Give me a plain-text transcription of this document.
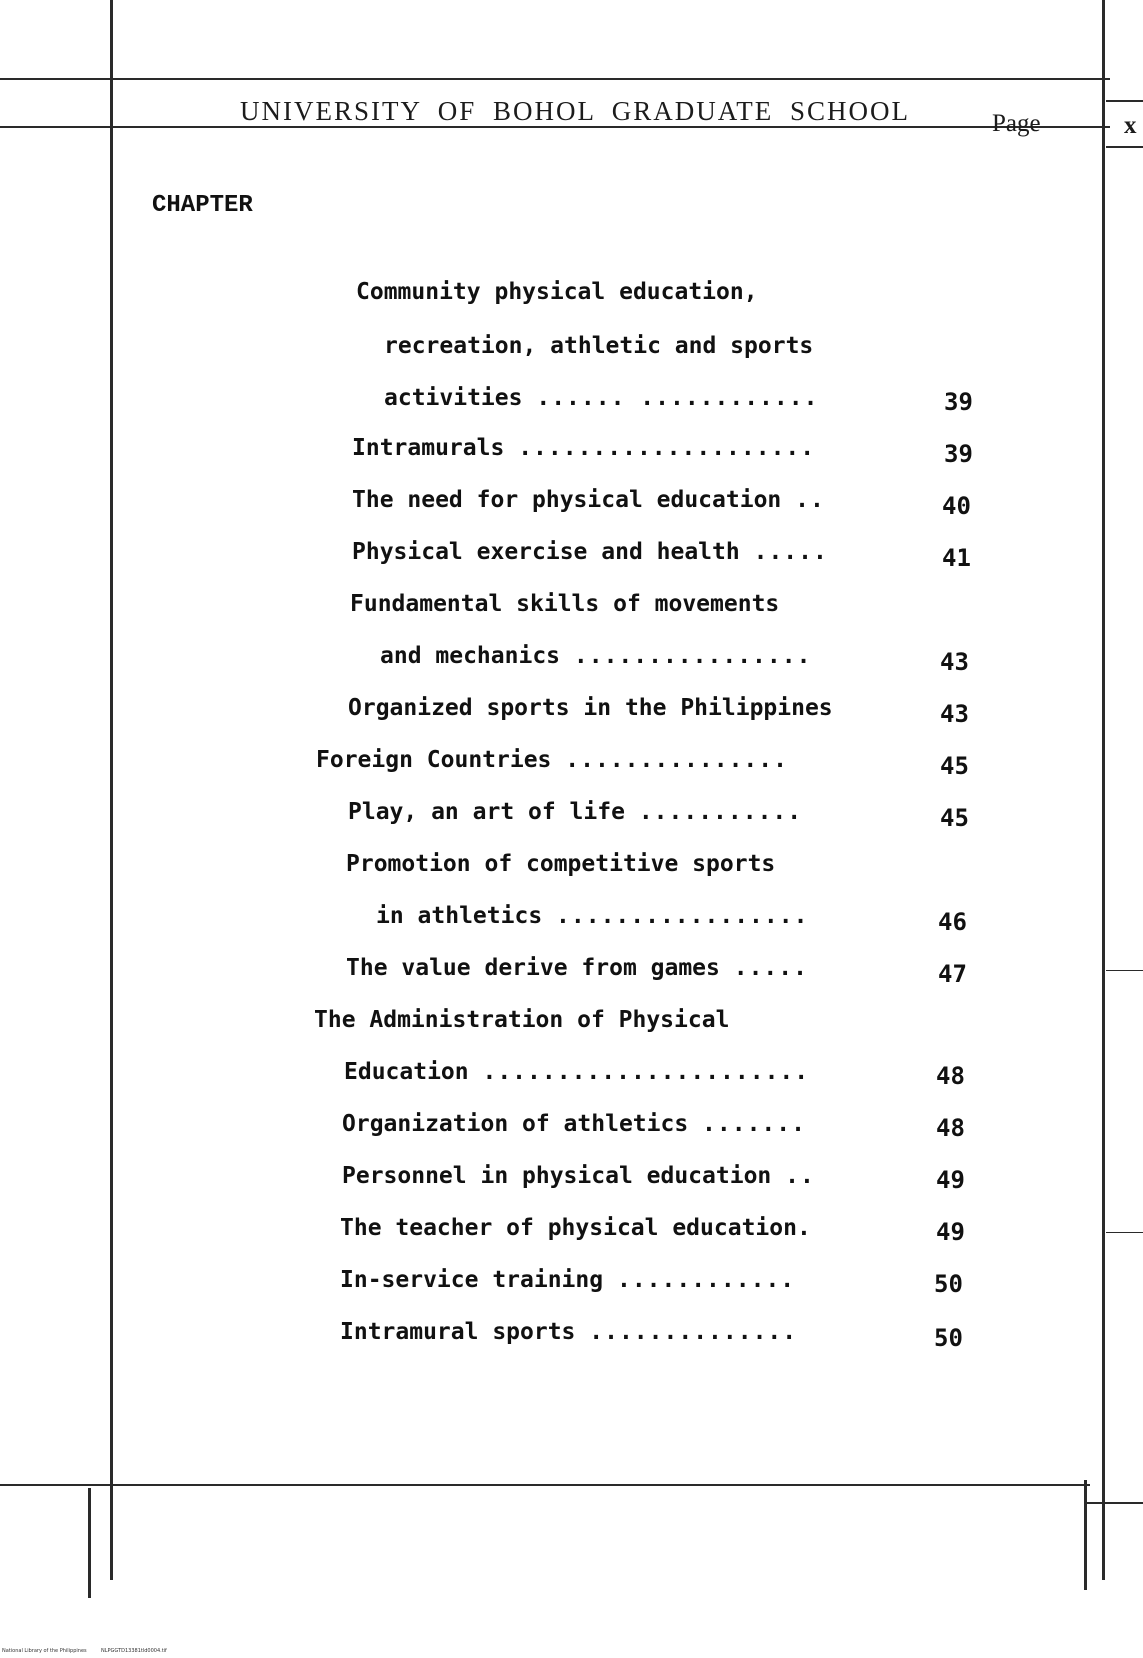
UNIVERSITY OF BOHOL GRADUATE SCHOOL	Page	x
CHAPTER
Community physical education,
recreation, athletic and sports
activities ...... ............	39
Intramurals ....................	39
The need for physical education ..	40
Physical exercise and health .....	41
Fundamental skills of movements
and mechanics ................	43
Organized sports in the Philippines	43
Foreign Countries ...............	45
Play, an art of life ...........	45
Promotion of competitive sports
in athletics .................	46
The value derive from games .....	47
The Administration of Physical
Education ......................	48
Organization of athletics .......	48
Personnel in physical education ..	49
The teacher of physical education.	49
In-service training ............	50
Intramural sports ..............	50
National Library of the Philippines	NLPGGTD13381tld0004.tif
